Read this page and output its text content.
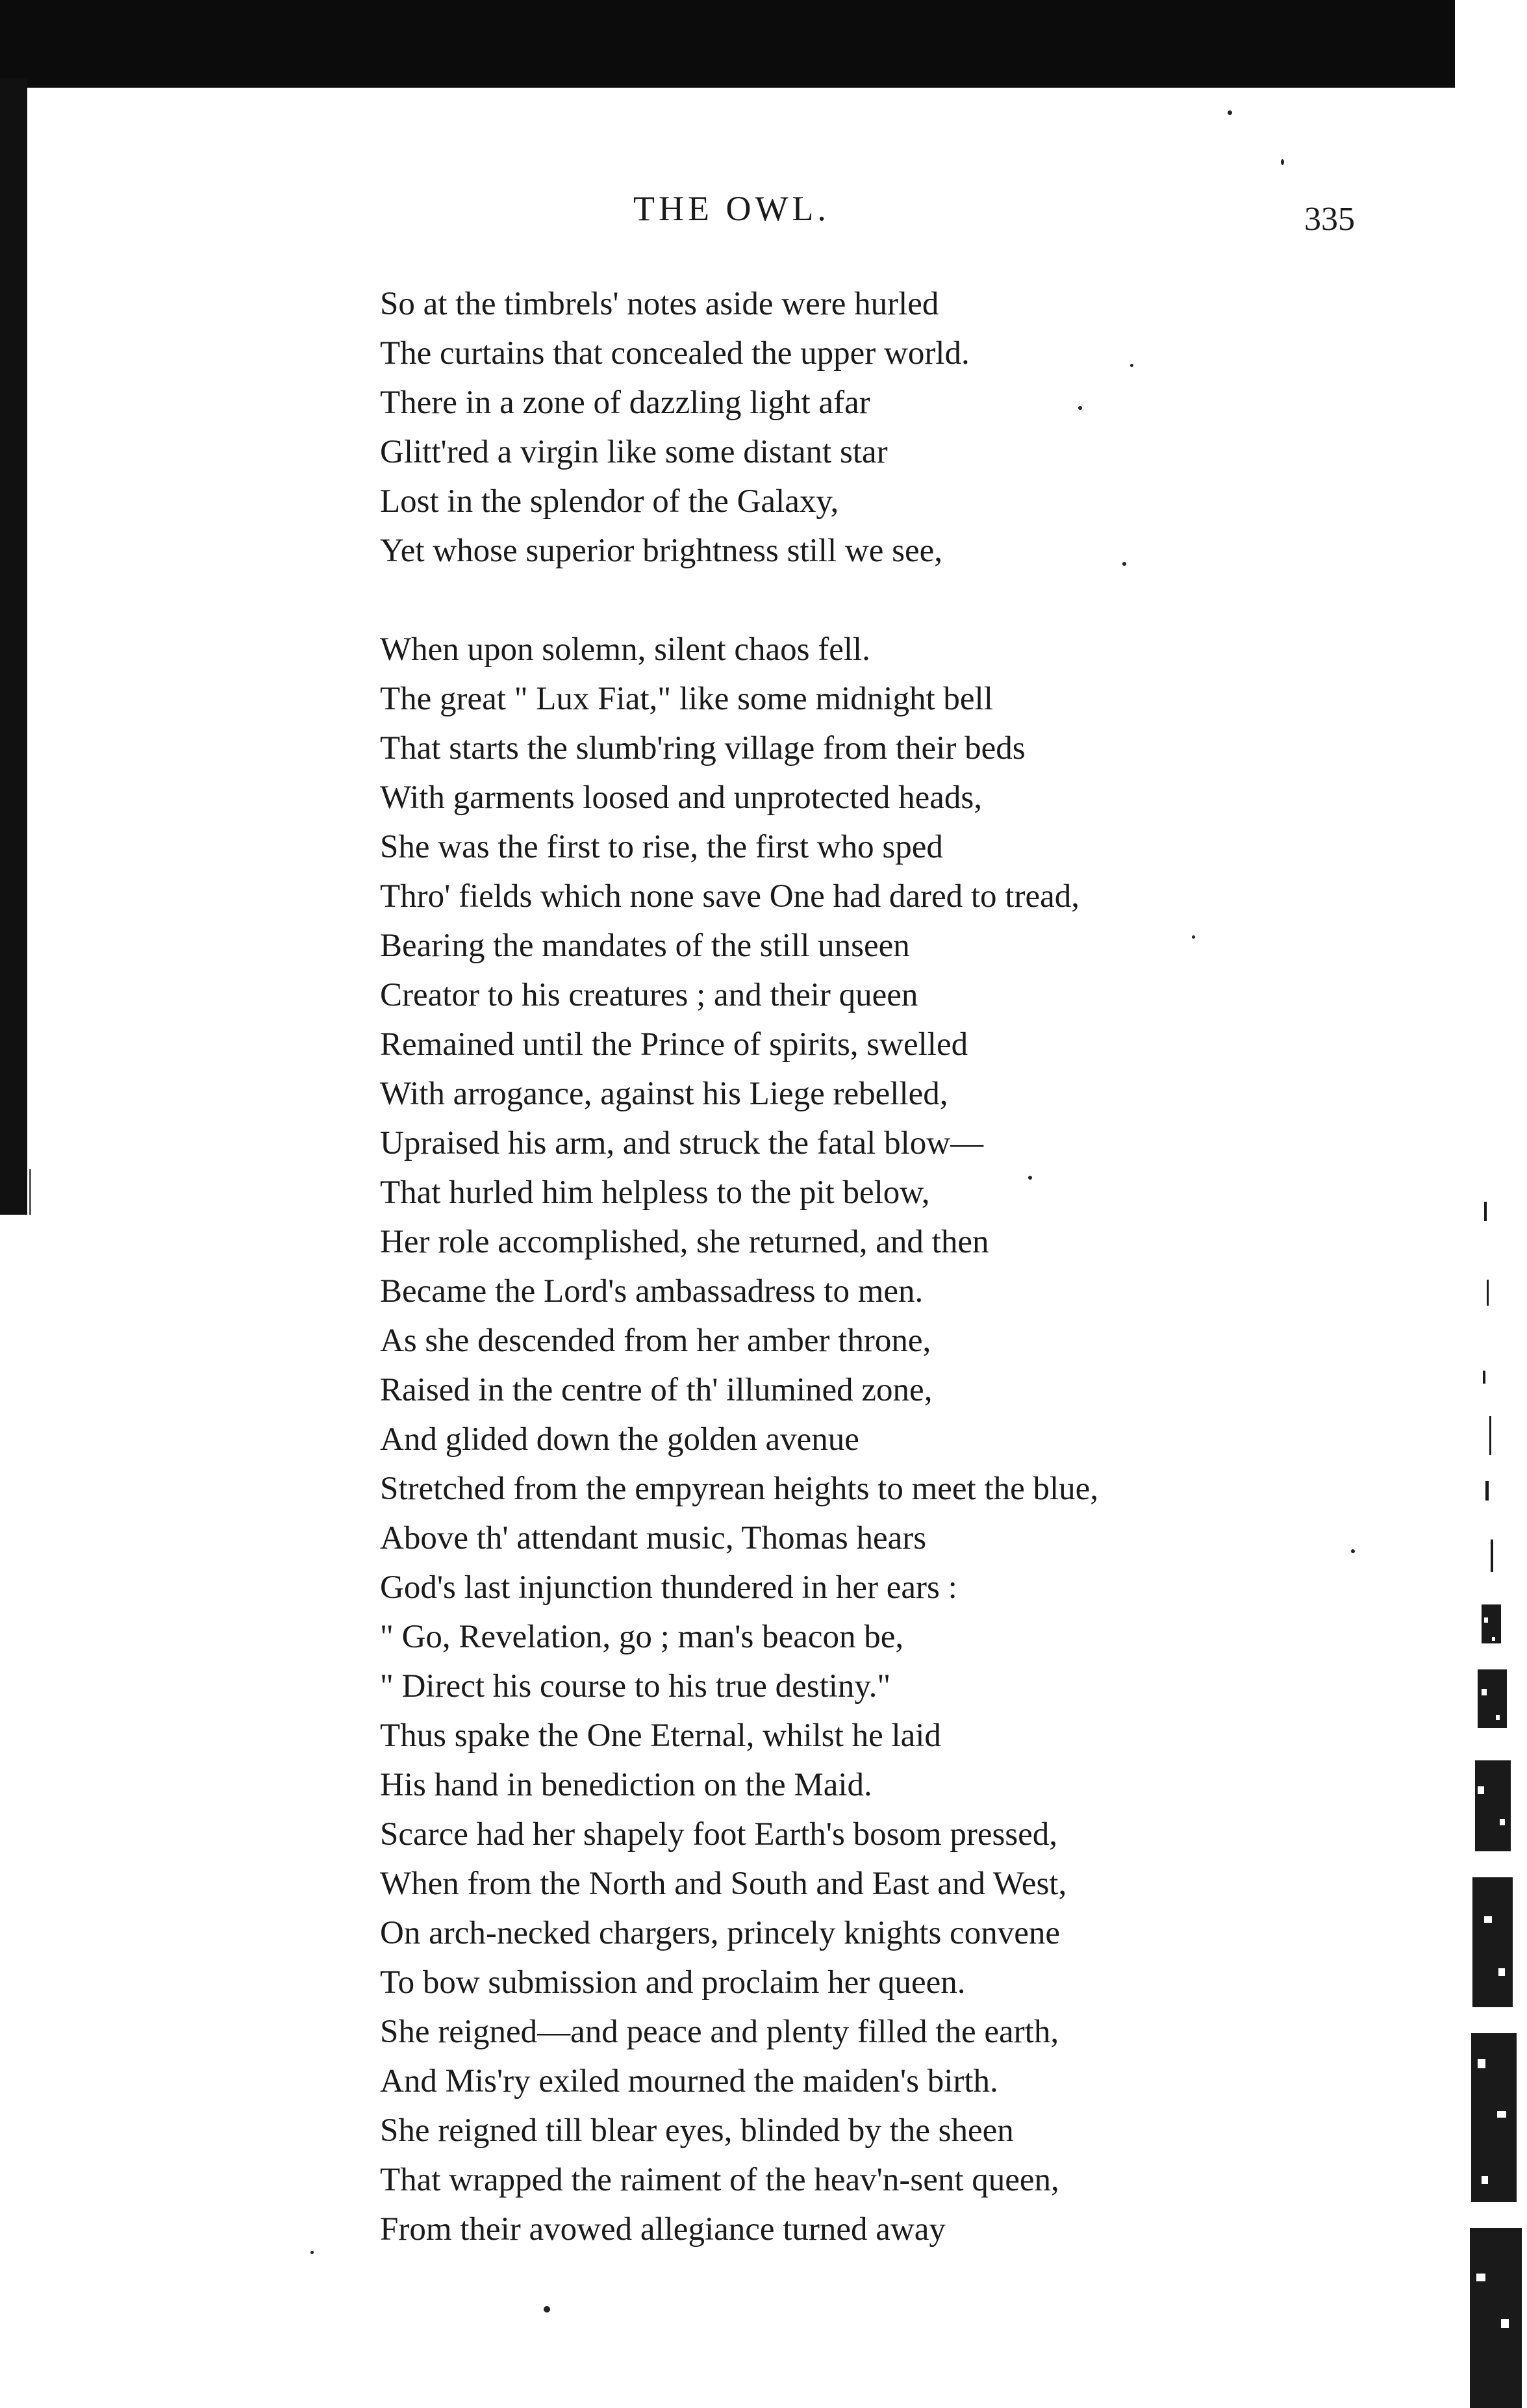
THE OWL.	335
So at the timbrels' notes aside were hurled
The curtains that concealed the upper world.
There in a zone of dazzling light afar
Glitt'red a virgin like some distant star
Lost in the splendor of the Galaxy,
Yet whose superior brightness still we see,
When upon solemn, silent chaos fell.
The great " Lux Fiat," like some midnight bell
That starts the slumb'ring village from their beds
With garments loosed and unprotected heads,
She was the first to rise, the first who sped
Thro' fields which none save One had dared to tread,
Bearing the mandates of the still unseen
Creator to his creatures ; and their queen
Remained until the Prince of spirits, swelled
With arrogance, against his Liege rebelled,
Upraised his arm, and struck the fatal blow—
That hurled him helpless to the pit below,
Her role accomplished, she returned, and then
Became the Lord's ambassadress to men.
As she descended from her amber throne,
Raised in the centre of th' illumined zone,
And glided down the golden avenue
Stretched from the empyrean heights to meet the blue,
Above th' attendant music, Thomas hears
God's last injunction thundered in her ears :
" Go, Revelation, go ; man's beacon be,
" Direct his course to his true destiny."
Thus spake the One Eternal, whilst he laid
His hand in benediction on the Maid.
Scarce had her shapely foot Earth's bosom pressed,
When from the North and South and East and West,
On arch-necked chargers, princely knights convene
To bow submission and proclaim her queen.
She reigned—and peace and plenty filled the earth,
And Mis'ry exiled mourned the maiden's birth.
She reigned till blear eyes, blinded by the sheen
That wrapped the raiment of the heav'n-sent queen,
From their avowed allegiance turned away
